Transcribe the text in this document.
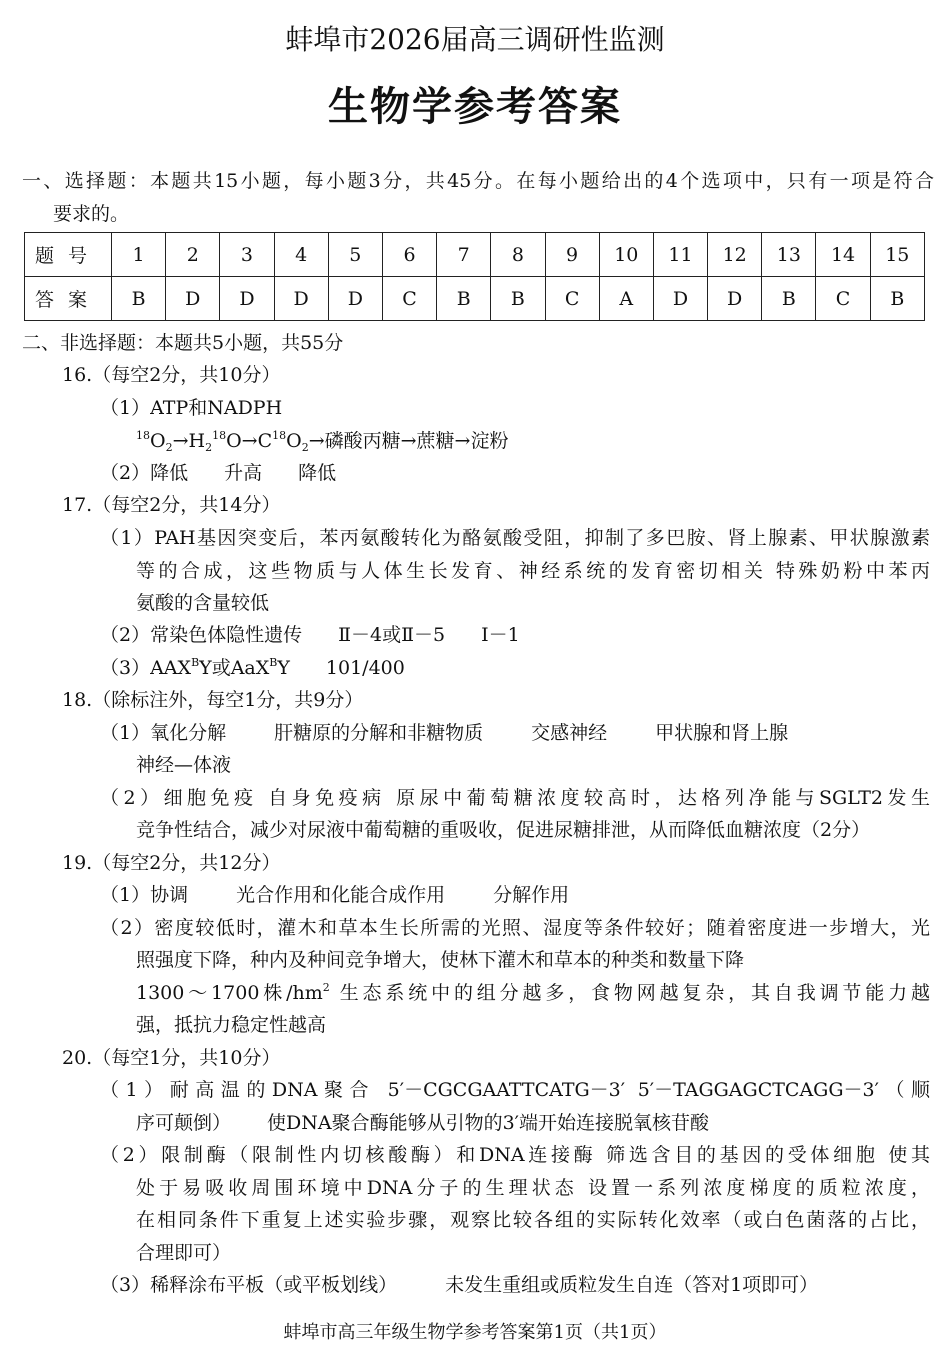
蚌埠市2026届高三调研性监测
生物学参考答案
一、选择题：本题共15小题，每小题3分，共45分。在每小题给出的4个选项中，只有一项是符合
要求的。
题号	1	2	3	4	5	6	7	8	9	10	11	12	13	14	15
答案	B	D	D	D	D	C	B	B	C	A	D	D	B	C	B
二、非选择题：本题共5小题，共55分
16.（每空2分，共10分）
（1）ATP和NADPH
$^{18}O_2\to H_2^{18}O\to C^{18}O_2\to$磷酸丙糖→蔗糖→淀粉
（2）降低 升高 降低
17.（每空2分，共14分）
（1）PAH基因突变后，苯丙氨酸转化为酪氨酸受阻，抑制了多巴胺、肾上腺素、甲状腺激素
等的合成，这些物质与人体生长发育、神经系统的发育密切相关 特殊奶粉中苯丙
氨酸的含量较低
（2）常染色体隐性遗传 Ⅱ－4或Ⅱ－5 Ⅰ－1
$(3)AAX^BY$或AaX$^B$Y 101/400
18.（除标注外，每空1分，共9分）
（1）氧化分解	肝糖原的分解和非糖物质	交感神经	甲状腺和肾上腺
神经—体液
（2）细胞免疫 自身免疫病 原尿中葡萄糖浓度较高时，达格列净能与SGLT2发生
竞争性结合，减少对尿液中葡萄糖的重吸收，促进尿糖排泄，从而降低血糖浓度（2分）
19.（每空2分，共12分）
（1）协调	光合作用和化能合成作用	分解作用
（2）密度较低时，灌木和草本生长所需的光照、湿度等条件较好；随着密度进一步增大，光
照强度下降，种内及种间竞争增大，使林下灌木和草本的种类和数量下降
1300～1700株$/hm^2$ 生态系统中的组分越多，食物网越复杂，其自我调节能力越
强，抵抗力稳定性越高
20.（每空1分，共10分）
（1）耐高温的DNA聚合 5′－CGCGAATTCATG－3′ 5′－TAGGAGCTCAGG－3′（顺
序可颠倒） 使DNA聚合酶能够从引物的3′端开始连接脱氧核苷酸
（2）限制酶（限制性内切核酸酶）和DNA连接酶 筛选含目的基因的受体细胞 使其
处于易吸收周围环境中DNA分子的生理状态 设置一系列浓度梯度的质粒浓度，
在相同条件下重复上述实验步骤，观察比较各组的实际转化效率（或白色菌落的占比，
合理即可）
（3）稀释涂布平板（或平板划线）	未发生重组或质粒发生自连（答对1项即可）
蚌埠市高三年级生物学参考答案第1页（共1页）
